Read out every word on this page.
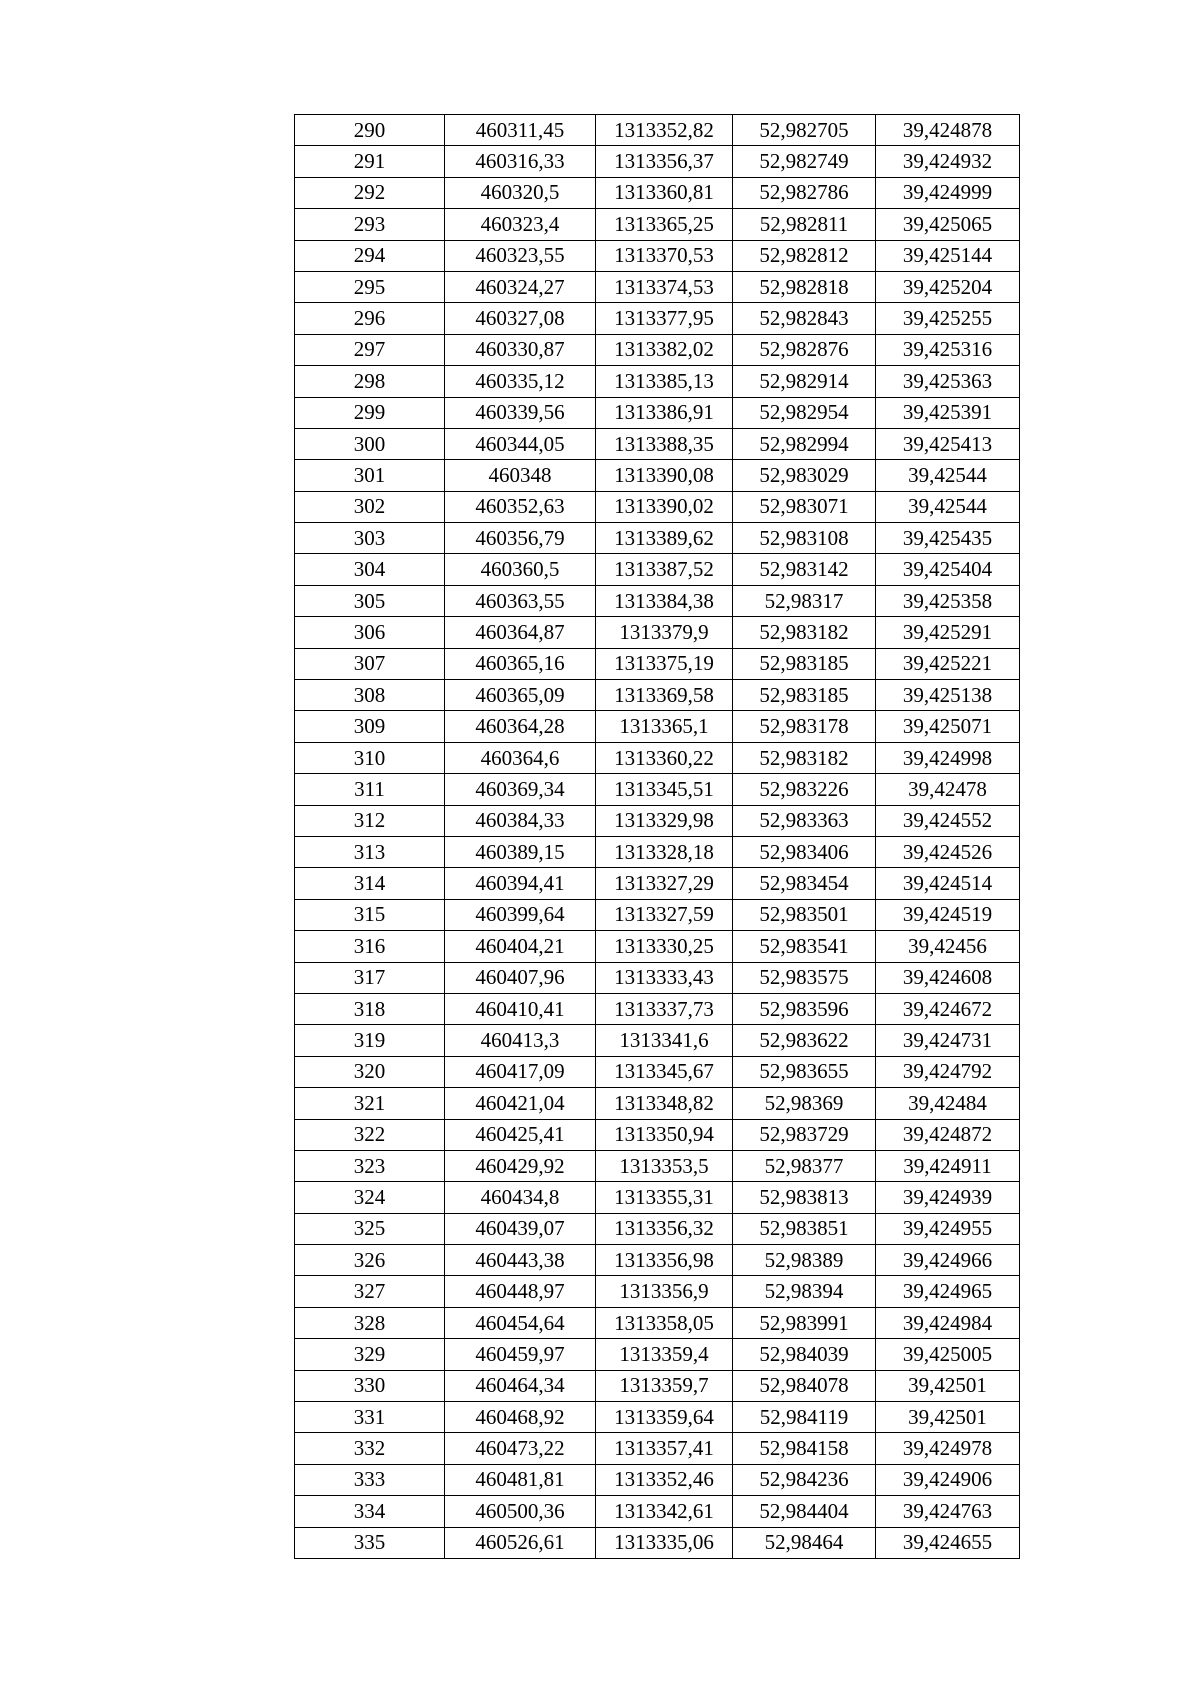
290	460311,45	1313352,82	52,982705	39,424878
291	460316,33	1313356,37	52,982749	39,424932
292	460320,5	1313360,81	52,982786	39,424999
293	460323,4	1313365,25	52,982811	39,425065
294	460323,55	1313370,53	52,982812	39,425144
295	460324,27	1313374,53	52,982818	39,425204
296	460327,08	1313377,95	52,982843	39,425255
297	460330,87	1313382,02	52,982876	39,425316
298	460335,12	1313385,13	52,982914	39,425363
299	460339,56	1313386,91	52,982954	39,425391
300	460344,05	1313388,35	52,982994	39,425413
301	460348	1313390,08	52,983029	39,42544
302	460352,63	1313390,02	52,983071	39,42544
303	460356,79	1313389,62	52,983108	39,425435
304	460360,5	1313387,52	52,983142	39,425404
305	460363,55	1313384,38	52,98317	39,425358
306	460364,87	1313379,9	52,983182	39,425291
307	460365,16	1313375,19	52,983185	39,425221
308	460365,09	1313369,58	52,983185	39,425138
309	460364,28	1313365,1	52,983178	39,425071
310	460364,6	1313360,22	52,983182	39,424998
311	460369,34	1313345,51	52,983226	39,42478
312	460384,33	1313329,98	52,983363	39,424552
313	460389,15	1313328,18	52,983406	39,424526
314	460394,41	1313327,29	52,983454	39,424514
315	460399,64	1313327,59	52,983501	39,424519
316	460404,21	1313330,25	52,983541	39,42456
317	460407,96	1313333,43	52,983575	39,424608
318	460410,41	1313337,73	52,983596	39,424672
319	460413,3	1313341,6	52,983622	39,424731
320	460417,09	1313345,67	52,983655	39,424792
321	460421,04	1313348,82	52,98369	39,42484
322	460425,41	1313350,94	52,983729	39,424872
323	460429,92	1313353,5	52,98377	39,424911
324	460434,8	1313355,31	52,983813	39,424939
325	460439,07	1313356,32	52,983851	39,424955
326	460443,38	1313356,98	52,98389	39,424966
327	460448,97	1313356,9	52,98394	39,424965
328	460454,64	1313358,05	52,983991	39,424984
329	460459,97	1313359,4	52,984039	39,425005
330	460464,34	1313359,7	52,984078	39,42501
331	460468,92	1313359,64	52,984119	39,42501
332	460473,22	1313357,41	52,984158	39,424978
333	460481,81	1313352,46	52,984236	39,424906
334	460500,36	1313342,61	52,984404	39,424763
335	460526,61	1313335,06	52,98464	39,424655
